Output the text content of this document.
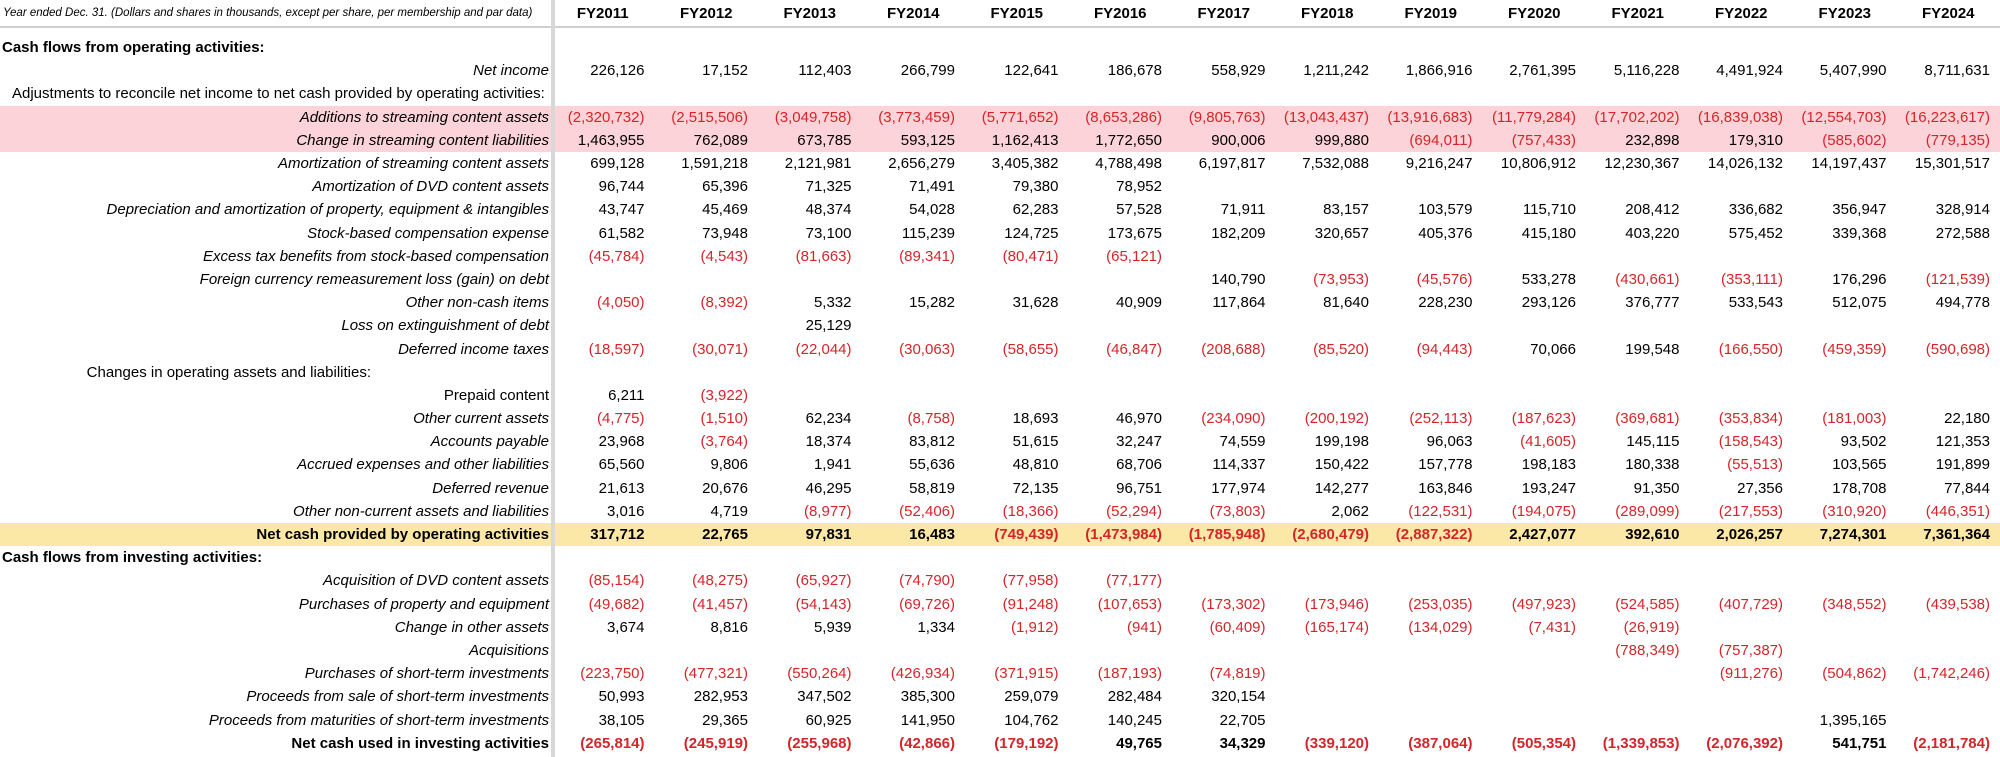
Year ended Dec. 31. (Dollars and shares in thousands, except per share, per membership and par data)	FY2011	FY2012	FY2013	FY2014	FY2015	FY2016	FY2017	FY2018	FY2019	FY2020	FY2021	FY2022	FY2023	FY2024

Cash flows from operating activities:														
Net income	226,126	17,152	112,403	266,799	122,641	186,678	558,929	1,211,242	1,866,916	2,761,395	5,116,228	4,491,924	5,407,990	8,711,631
Adjustments to reconcile net income to net cash provided by operating activities:														
Additions to streaming content assets	(2,320,732)	(2,515,506)	(3,049,758)	(3,773,459)	(5,771,652)	(8,653,286)	(9,805,763)	(13,043,437)	(13,916,683)	(11,779,284)	(17,702,202)	(16,839,038)	(12,554,703)	(16,223,617)
Change in streaming content liabilities	1,463,955	762,089	673,785	593,125	1,162,413	1,772,650	900,006	999,880	(694,011)	(757,433)	232,898	179,310	(585,602)	(779,135)
Amortization of streaming content assets	699,128	1,591,218	2,121,981	2,656,279	3,405,382	4,788,498	6,197,817	7,532,088	9,216,247	10,806,912	12,230,367	14,026,132	14,197,437	15,301,517
Amortization of DVD content assets	96,744	65,396	71,325	71,491	79,380	78,952								
Depreciation and amortization of property, equipment & intangibles	43,747	45,469	48,374	54,028	62,283	57,528	71,911	83,157	103,579	115,710	208,412	336,682	356,947	328,914
Stock-based compensation expense	61,582	73,948	73,100	115,239	124,725	173,675	182,209	320,657	405,376	415,180	403,220	575,452	339,368	272,588
Excess tax benefits from stock-based compensation	(45,784)	(4,543)	(81,663)	(89,341)	(80,471)	(65,121)								
Foreign currency remeasurement loss (gain) on debt							140,790	(73,953)	(45,576)	533,278	(430,661)	(353,111)	176,296	(121,539)
Other non-cash items	(4,050)	(8,392)	5,332	15,282	31,628	40,909	117,864	81,640	228,230	293,126	376,777	533,543	512,075	494,778
Loss on extinguishment of debt			25,129											
Deferred income taxes	(18,597)	(30,071)	(22,044)	(30,063)	(58,655)	(46,847)	(208,688)	(85,520)	(94,443)	70,066	199,548	(166,550)	(459,359)	(590,698)
Changes in operating assets and liabilities:														
Prepaid content	6,211	(3,922)												
Other current assets	(4,775)	(1,510)	62,234	(8,758)	18,693	46,970	(234,090)	(200,192)	(252,113)	(187,623)	(369,681)	(353,834)	(181,003)	22,180
Accounts payable	23,968	(3,764)	18,374	83,812	51,615	32,247	74,559	199,198	96,063	(41,605)	145,115	(158,543)	93,502	121,353
Accrued expenses and other liabilities	65,560	9,806	1,941	55,636	48,810	68,706	114,337	150,422	157,778	198,183	180,338	(55,513)	103,565	191,899
Deferred revenue	21,613	20,676	46,295	58,819	72,135	96,751	177,974	142,277	163,846	193,247	91,350	27,356	178,708	77,844
Other non-current assets and liabilities	3,016	4,719	(8,977)	(52,406)	(18,366)	(52,294)	(73,803)	2,062	(122,531)	(194,075)	(289,099)	(217,553)	(310,920)	(446,351)
Net cash provided by operating activities	317,712	22,765	97,831	16,483	(749,439)	(1,473,984)	(1,785,948)	(2,680,479)	(2,887,322)	2,427,077	392,610	2,026,257	7,274,301	7,361,364
Cash flows from investing activities:														
Acquisition of DVD content assets	(85,154)	(48,275)	(65,927)	(74,790)	(77,958)	(77,177)								
Purchases of property and equipment	(49,682)	(41,457)	(54,143)	(69,726)	(91,248)	(107,653)	(173,302)	(173,946)	(253,035)	(497,923)	(524,585)	(407,729)	(348,552)	(439,538)
Change in other assets	3,674	8,816	5,939	1,334	(1,912)	(941)	(60,409)	(165,174)	(134,029)	(7,431)	(26,919)			
Acquisitions											(788,349)	(757,387)		
Purchases of short-term investments	(223,750)	(477,321)	(550,264)	(426,934)	(371,915)	(187,193)	(74,819)					(911,276)	(504,862)	(1,742,246)
Proceeds from sale of short-term investments	50,993	282,953	347,502	385,300	259,079	282,484	320,154							
Proceeds from maturities of short-term investments	38,105	29,365	60,925	141,950	104,762	140,245	22,705						1,395,165	
Net cash used in investing activities	(265,814)	(245,919)	(255,968)	(42,866)	(179,192)	49,765	34,329	(339,120)	(387,064)	(505,354)	(1,339,853)	(2,076,392)	541,751	(2,181,784)
